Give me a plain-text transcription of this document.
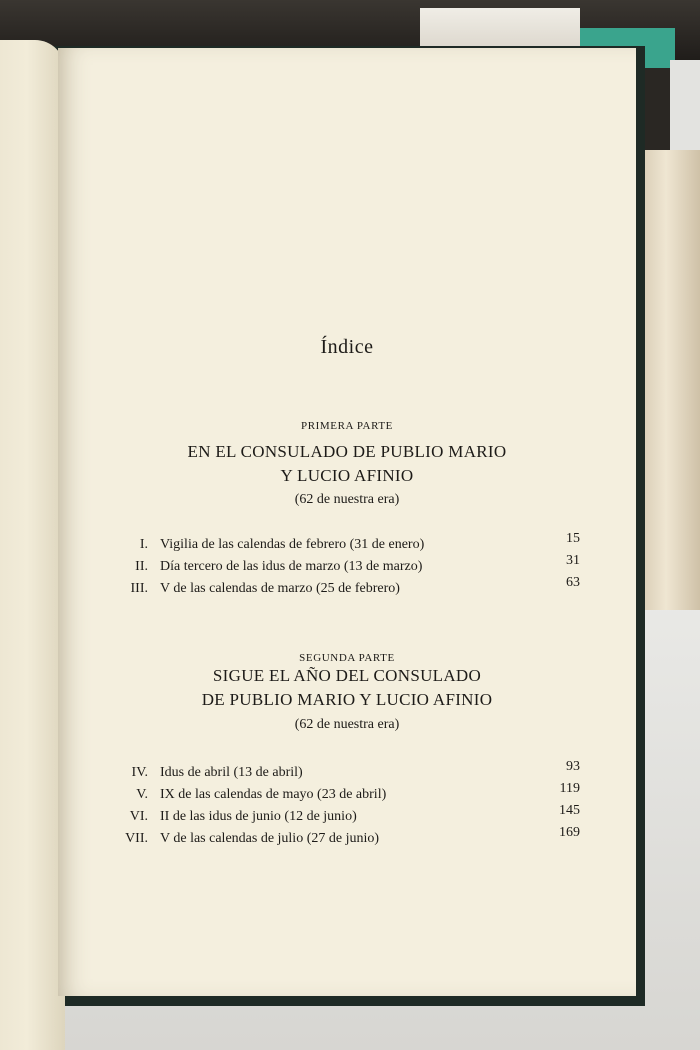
Índice
PRIMERA PARTE
EN EL CONSULADO DE PUBLIO MARIO
Y LUCIO AFINIO
(62 de nuestra era)
I. Vigilia de las calendas de febrero (31 de enero)	15
II. Día tercero de las idus de marzo (13 de marzo)	31
III. V de las calendas de marzo (25 de febrero)	63
SEGUNDA PARTE
SIGUE EL AÑO DEL CONSULADO
DE PUBLIO MARIO Y LUCIO AFINIO
(62 de nuestra era)
IV. Idus de abril (13 de abril)	93
V. IX de las calendas de mayo (23 de abril)	119
VI. II de las idus de junio (12 de junio)	145
VII. V de las calendas de julio (27 de junio)	169
